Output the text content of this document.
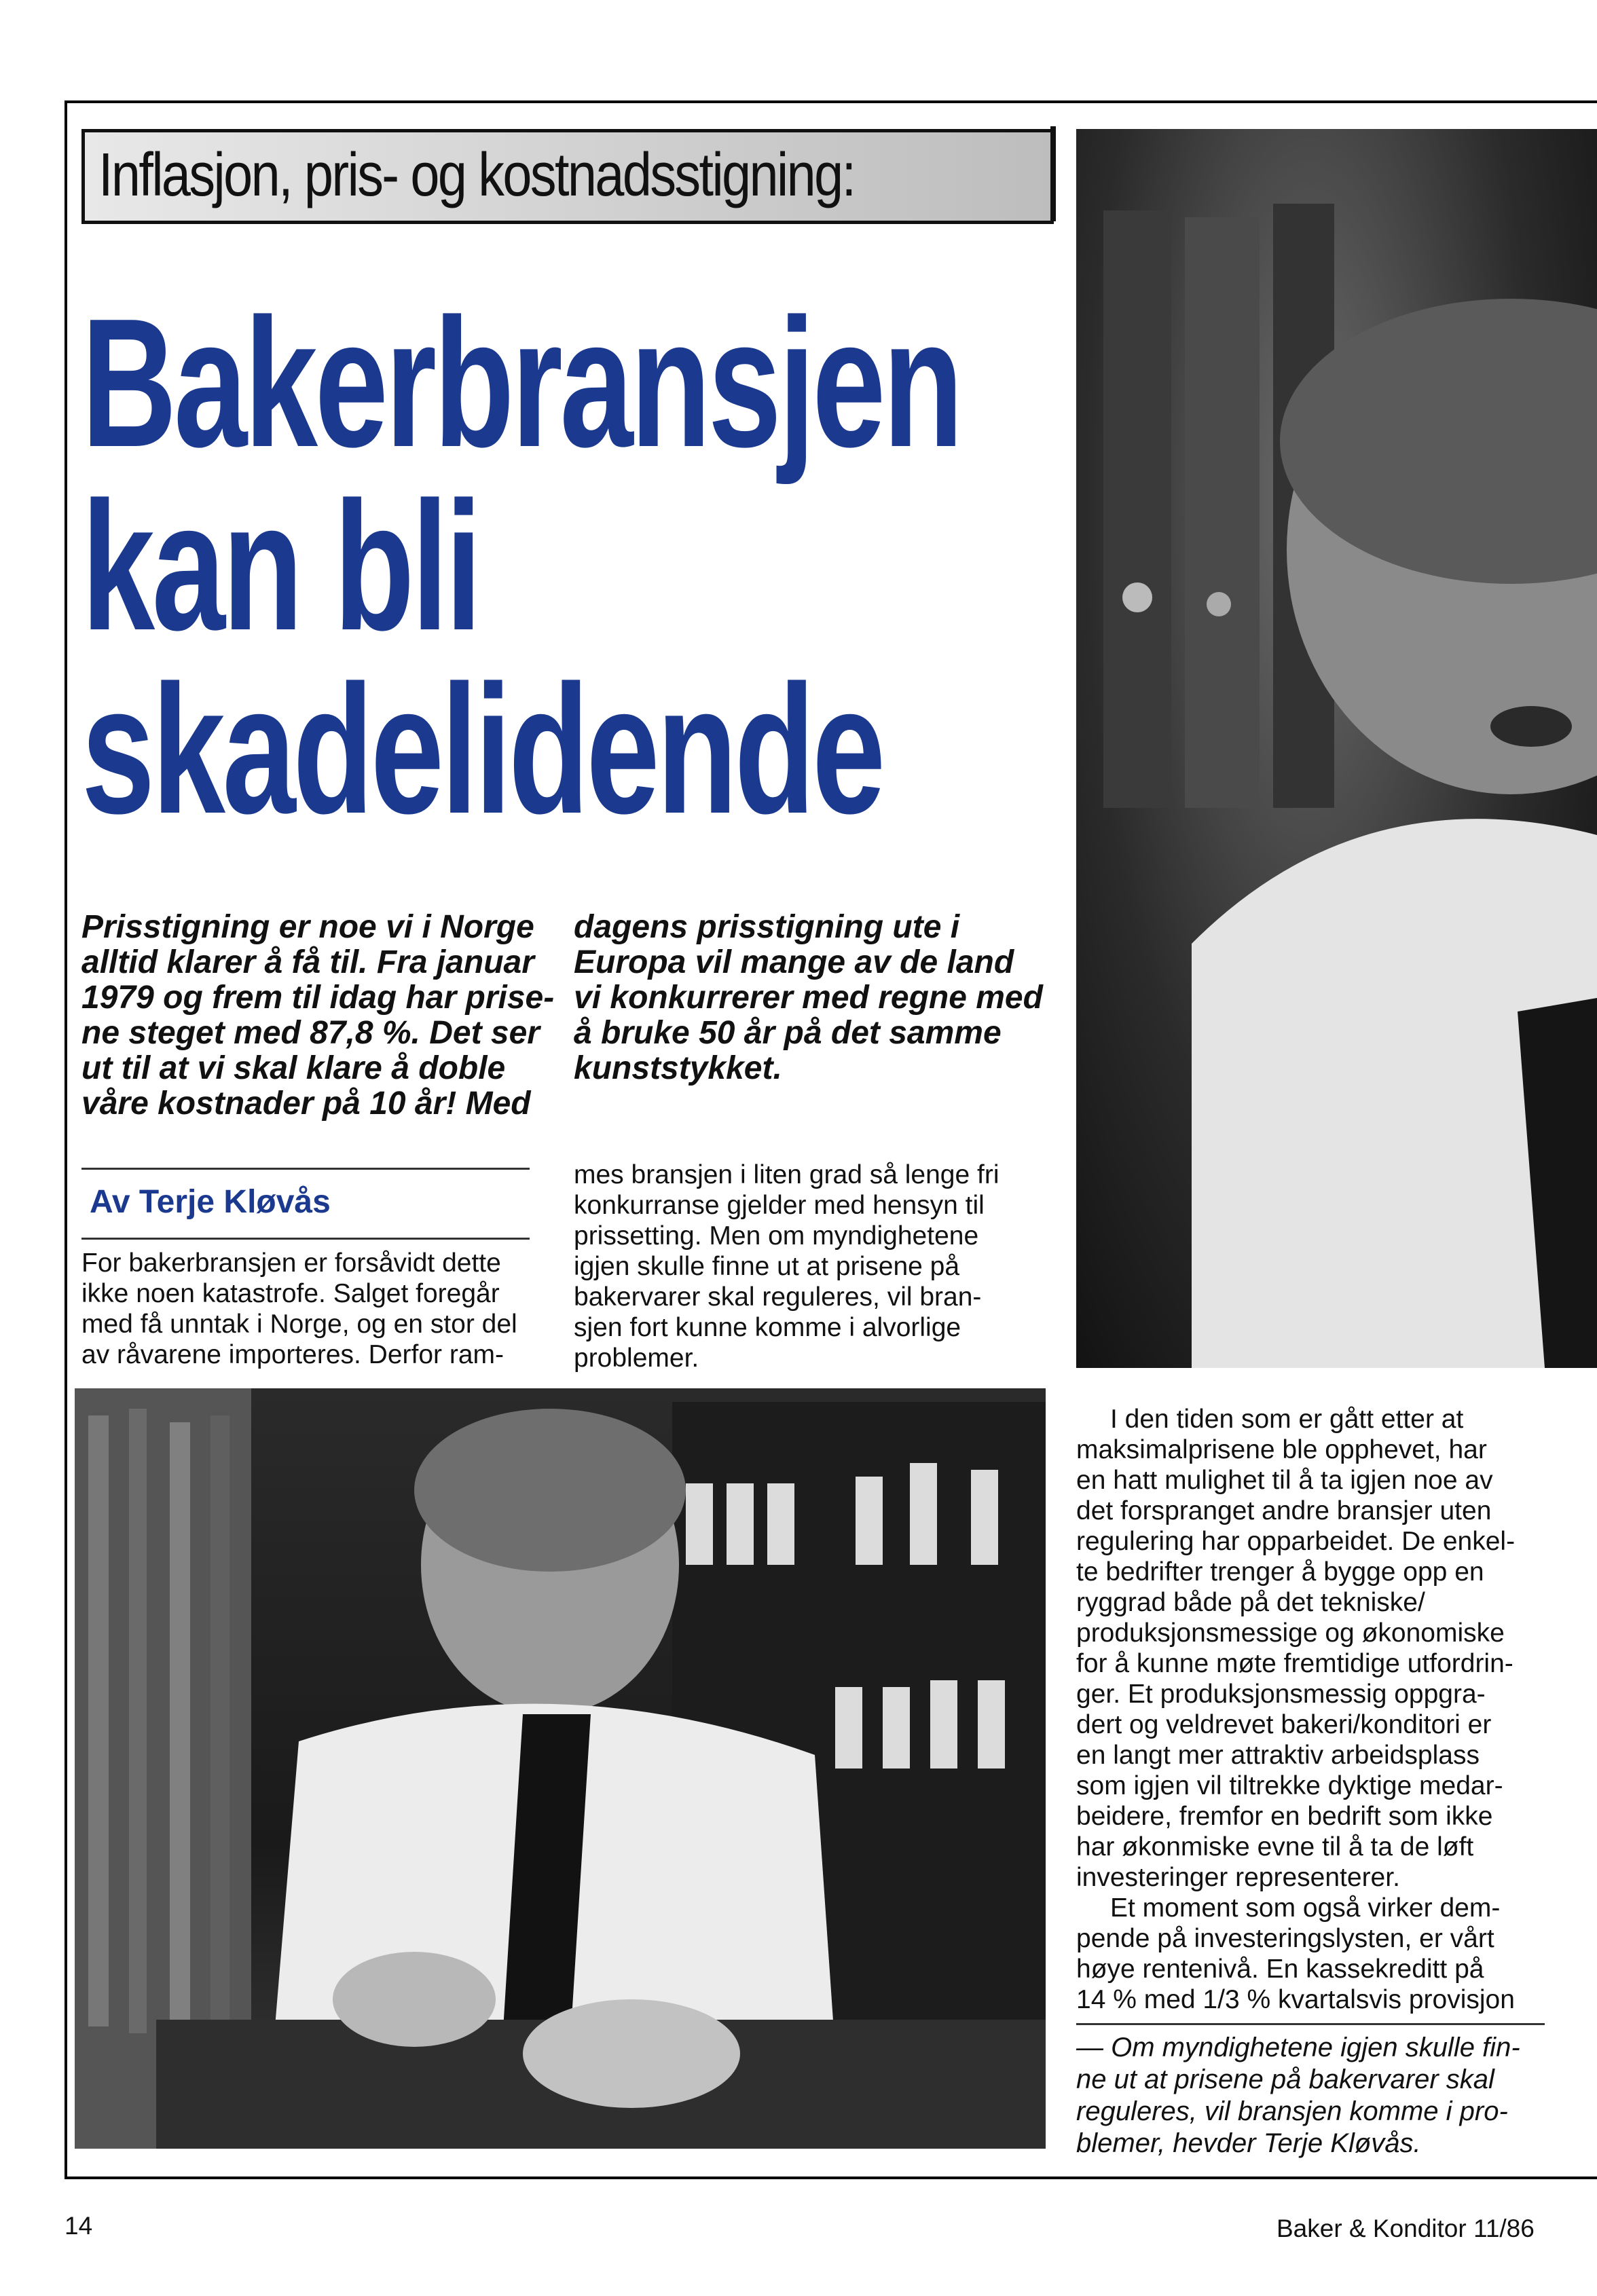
Inflasjon, pris- og kostnadsstigning:
Bakerbransjen
kan bli
skadelidende
Prisstigning er noe vi i Norge
alltid klarer å få til. Fra januar
1979 og frem til idag har prise-
ne steget med 87,8 %. Det ser
ut til at vi skal klare å doble
våre kostnader på 10 år! Med
dagens prisstigning ute i
Europa vil mange av de land
vi konkurrerer med regne med
å bruke 50 år på det samme
kunststykket.
Av Terje Kløvås
For bakerbransjen er forsåvidt dette
ikke noen katastrofe. Salget foregår
med få unntak i Norge, og en stor del
av råvarene importeres. Derfor ram-
mes bransjen i liten grad så lenge fri
konkurranse gjelder med hensyn til
prissetting. Men om myndighetene
igjen skulle finne ut at prisene på
bakervarer skal reguleres, vil bran-
sjen fort kunne komme i alvorlige
problemer.
I den tiden som er gått etter at
maksimalprisene ble opphevet, har
en hatt mulighet til å ta igjen noe av
det forspranget andre bransjer uten
regulering har opparbeidet. De enkel-
te bedrifter trenger å bygge opp en
ryggrad både på det tekniske/
produksjonsmessige og økonomiske
for å kunne møte fremtidige utfordrin-
ger. Et produksjonsmessig oppgra-
dert og veldrevet bakeri/konditori er
en langt mer attraktiv arbeidsplass
som igjen vil tiltrekke dyktige medar-
beidere, fremfor en bedrift som ikke
har økonmiske evne til å ta de løft
investeringer representerer.
Et moment som også virker dem-
pende på investeringslysten, er vårt
høye rentenivå. En kassekreditt på
14 % med 1/3 % kvartalsvis provisjon
— Om myndighetene igjen skulle fin-
ne ut at prisene på bakervarer skal
reguleres, vil bransjen komme i pro-
blemer, hevder Terje Kløvås.
14	Baker & Konditor 11/86
